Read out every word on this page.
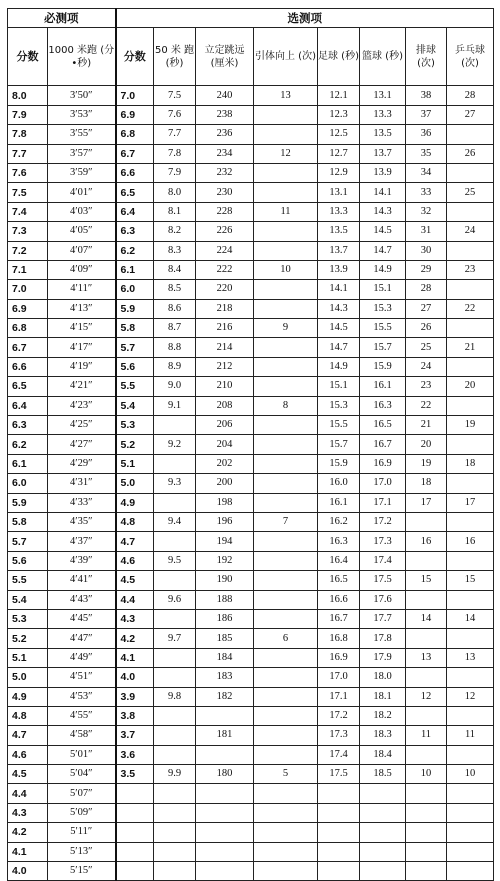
必测项		选测项							
分数	1000 米跑 (分•秒)	分数	50 米 跑 (秒)	立定跳远 (厘米)	引体向上 (次)	足球 (秒)	篮球 (秒)	排球 (次)	乒乓球 (次)
8.0	3′50″	7.0	7.5	240	13	12.1	13.1	38	28
7.9	3′53″	6.9	7.6	238		12.3	13.3	37	27
7.8	3′55″	6.8	7.7	236		12.5	13.5	36	
7.7	3′57″	6.7	7.8	234	12	12.7	13.7	35	26
7.6	3′59″	6.6	7.9	232		12.9	13.9	34	
7.5	4′01″	6.5	8.0	230		13.1	14.1	33	25
7.4	4′03″	6.4	8.1	228	11	13.3	14.3	32	
7.3	4′05″	6.3	8.2	226		13.5	14.5	31	24
7.2	4′07″	6.2	8.3	224		13.7	14.7	30	
7.1	4′09″	6.1	8.4	222	10	13.9	14.9	29	23
7.0	4′11″	6.0	8.5	220		14.1	15.1	28	
6.9	4′13″	5.9	8.6	218		14.3	15.3	27	22
6.8	4′15″	5.8	8.7	216	9	14.5	15.5	26	
6.7	4′17″	5.7	8.8	214		14.7	15.7	25	21
6.6	4′19″	5.6	8.9	212		14.9	15.9	24	
6.5	4′21″	5.5	9.0	210		15.1	16.1	23	20
6.4	4′23″	5.4	9.1	208	8	15.3	16.3	22	
6.3	4′25″	5.3		206		15.5	16.5	21	19
6.2	4′27″	5.2	9.2	204		15.7	16.7	20	
6.1	4′29″	5.1		202		15.9	16.9	19	18
6.0	4′31″	5.0	9.3	200		16.0	17.0	18	
5.9	4′33″	4.9		198		16.1	17.1	17	17
5.8	4′35″	4.8	9.4	196	7	16.2	17.2		
5.7	4′37″	4.7		194		16.3	17.3	16	16
5.6	4′39″	4.6	9.5	192		16.4	17.4		
5.5	4′41″	4.5		190		16.5	17.5	15	15
5.4	4′43″	4.4	9.6	188		16.6	17.6		
5.3	4′45″	4.3		186		16.7	17.7	14	14
5.2	4′47″	4.2	9.7	185	6	16.8	17.8		
5.1	4′49″	4.1		184		16.9	17.9	13	13
5.0	4′51″	4.0		183		17.0	18.0		
4.9	4′53″	3.9	9.8	182		17.1	18.1	12	12
4.8	4′55″	3.8				17.2	18.2		
4.7	4′58″	3.7		181		17.3	18.3	11	11
4.6	5′01″	3.6				17.4	18.4		
4.5	5′04″	3.5	9.9	180	5	17.5	18.5	10	10
4.4	5′07″								
4.3	5′09″								
4.2	5′11″								
4.1	5′13″								
4.0	5′15″								
